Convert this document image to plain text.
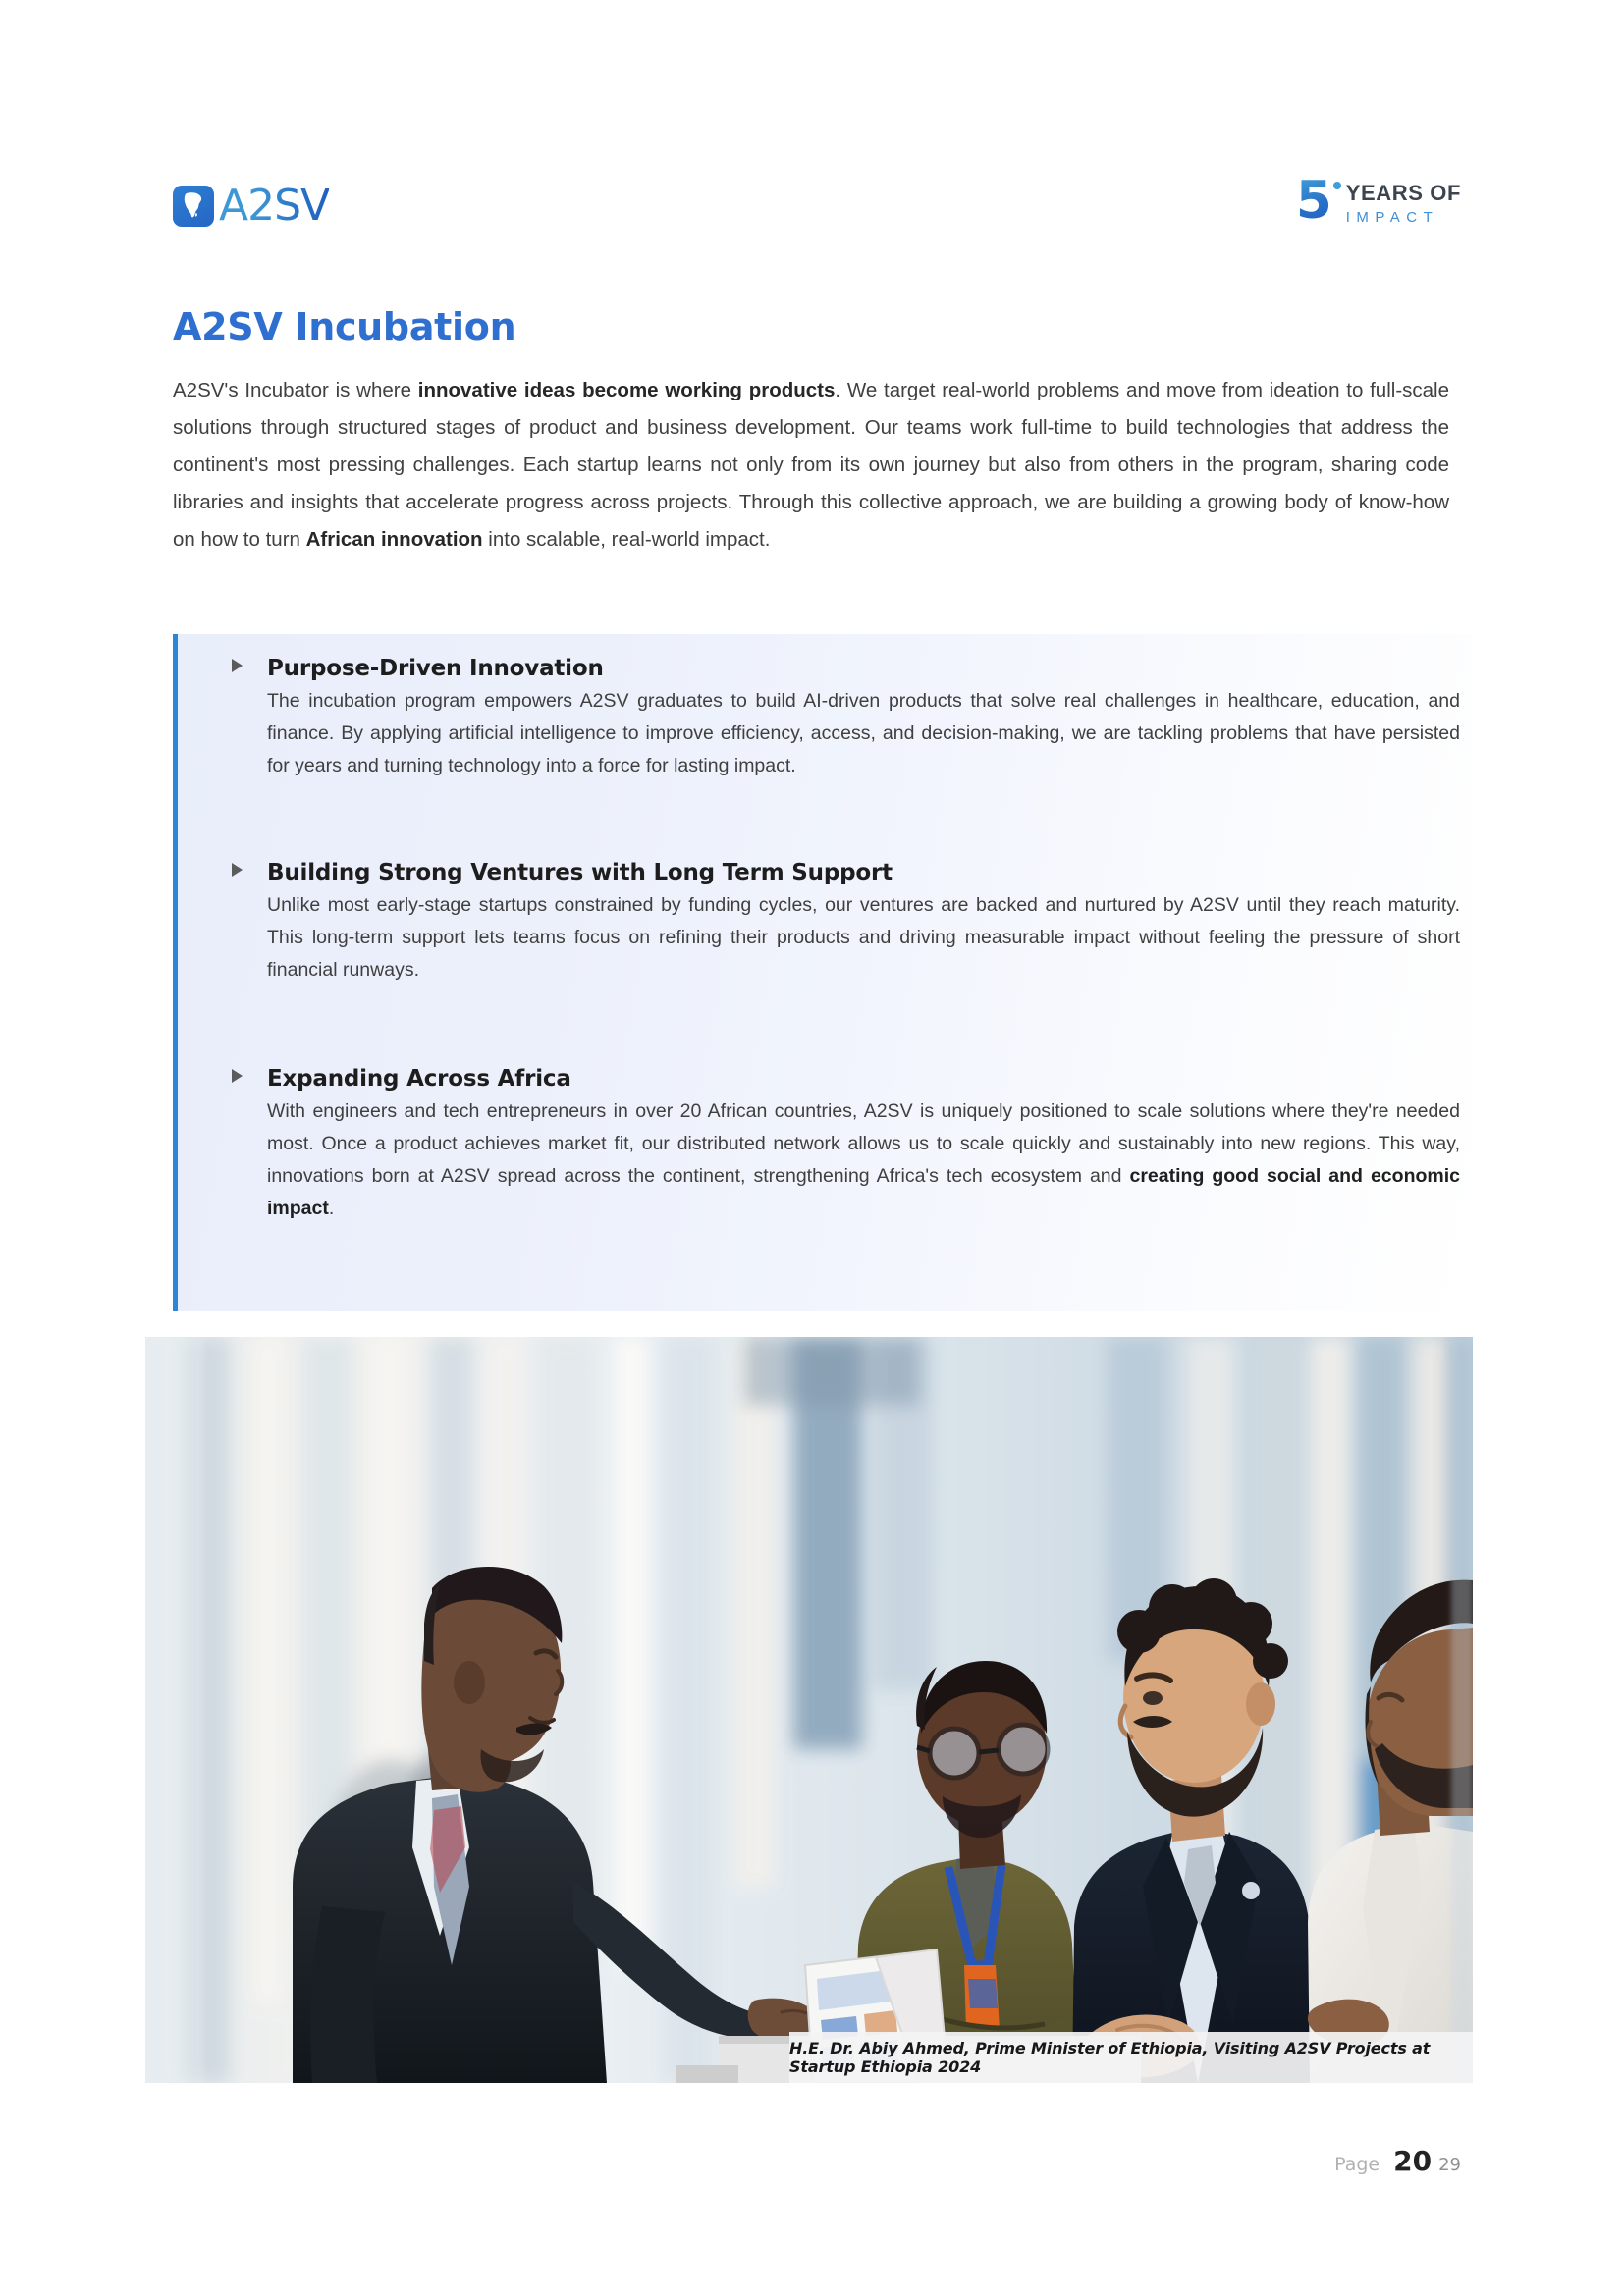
A2SV	5 YEARS OF
IMPACT
A2SV Incubation

A2SV's Incubator is where innovative ideas become working products. We target real-world problems and move from ideation to full-scale solutions through structured stages of product and business development. Our teams work full-time to build technologies that address the continent's most pressing challenges. Each startup learns not only from its own journey but also from others in the program, sharing code libraries and insights that accelerate progress across projects. Through this collective approach, we are building a growing body of know-how on how to turn African innovation into scalable, real-world impact.

Purpose-Driven Innovation
The incubation program empowers A2SV graduates to build AI-driven products that solve real challenges in healthcare, education, and finance. By applying artificial intelligence to improve efficiency, access, and decision-making, we are tackling problems that have persisted for years and turning technology into a force for lasting impact.
Building Strong Ventures with Long Term Support
Unlike most early-stage startups constrained by funding cycles, our ventures are backed and nurtured by A2SV until they reach maturity. This long-term support lets teams focus on refining their products and driving measurable impact without feeling the pressure of short financial runways.
Expanding Across Africa
With engineers and tech entrepreneurs in over 20 African countries, A2SV is uniquely positioned to scale solutions where they're needed most. Once a product achieves market fit, our distributed network allows us to scale quickly and sustainably into new regions. This way, innovations born at A2SV spread across the continent, strengthening Africa's tech ecosystem and creating good social and economic impact.
H.E. Dr. Abiy Ahmed, Prime Minister of Ethiopia, Visiting A2SV Projects at Startup Ethiopia 2024
Page 20 29
